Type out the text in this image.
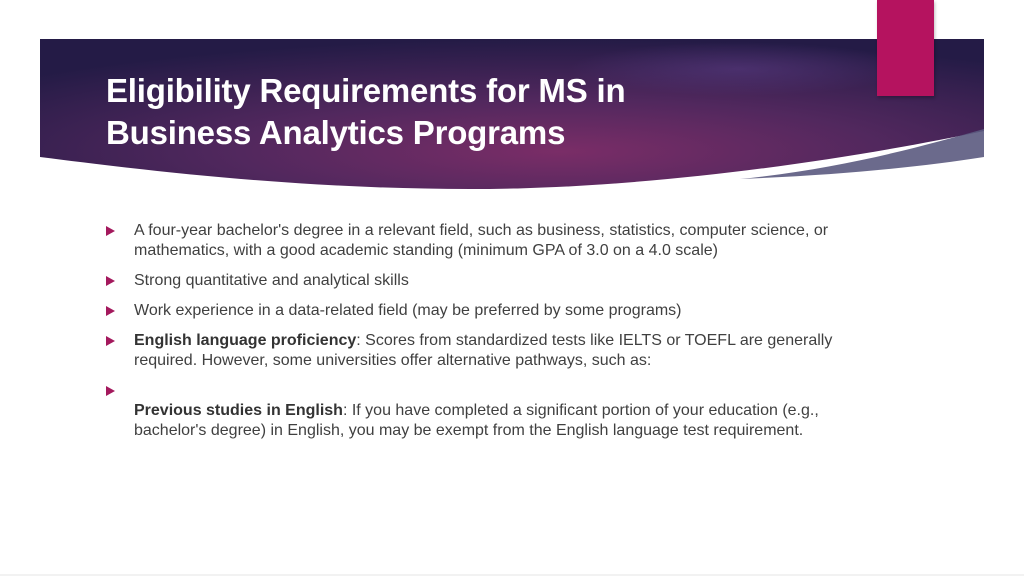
Eligibility Requirements for MS in
Business Analytics Programs
A four-year bachelor's degree in a relevant field, such as business, statistics, computer science, or mathematics, with a good academic standing (minimum GPA of 3.0 on a 4.0 scale)
Strong quantitative and analytical skills
Work experience in a data-related field (may be preferred by some programs)
English language proficiency: Scores from standardized tests like IELTS or TOEFL are generally required. However, some universities offer alternative pathways, such as:
Previous studies in English: If you have completed a significant portion of your education (e.g., bachelor's degree) in English, you may be exempt from the English language test requirement.
